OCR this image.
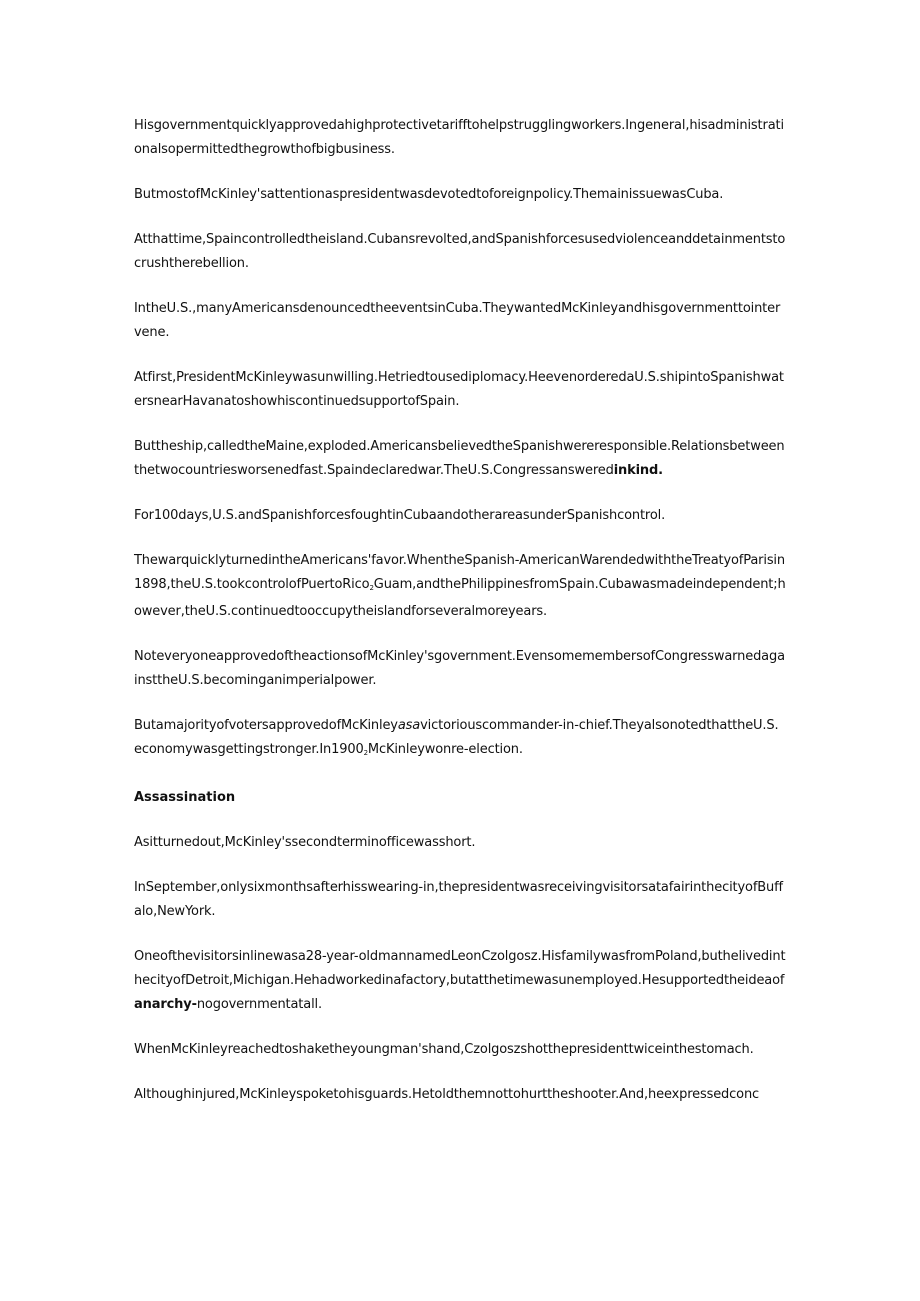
Hisgovernmentquicklyapprovedahighprotectivetarifftohelpstrugglingworkers.Ingeneral,hisadministrationalsopermittedthegrowthofbigbusiness.

ButmostofMcKinley'sattentionaspresidentwasdevotedtoforeignpolicy.ThemainissuewasCuba.

Atthattime,Spaincontrolledtheisland.Cubansrevolted,andSpanishforcesusedviolenceanddetainmentstocrushtherebellion.

IntheU.S.,manyAmericansdenouncedtheeventsinCuba.TheywantedMcKinleyandhisgovernmenttointervene.

Atfirst,PresidentMcKinleywasunwilling.Hetriedtousediplomacy.HeevenorderedaU.S.shipintoSpanishwatersnearHavanatoshowhiscontinuedsupportofSpain.

Buttheship,calledtheMaine,exploded.AmericansbelievedtheSpanishwereresponsible.Relationsbetweenthetwocountriesworsenedfast.Spaindeclaredwar.TheU.S.Congressansweredinkind.

For100days,U.S.andSpanishforcesfoughtinCubaandotherareasunderSpanishcontrol.

ThewarquicklyturnedintheAmericans'favor.WhentheSpanish-AmericanWarendedwiththeTreatyofParisin1898,theU.S.tookcontrolofPuertoRico$_2$Guam,andthePhilippinesfromSpain.Cubawasmadeindependent;however,theU.S.continuedtooccupytheislandforseveralmoreyears.

NoteveryoneapprovedoftheactionsofMcKinley'sgovernment.EvensomemembersofCongresswarnedagainsttheU.S.becominganimperialpower.

ButamajorityofvotersapprovedofMcKinleyasavictoriouscommander-in-chief.TheyalsonotedthattheU.S.economywasgettingstronger.$In1900_2McKinleywonre$-election.

Assassination

Asitturnedout,McKinley'ssecondterminofficewasshort.

InSeptember,onlysixmonthsafterhisswearing-in,thepresidentwasreceivingvisitorsatafairinthecityofBuffalo,NewYork.

Oneofthevisitorsinlinewasa28-year-oldmannamedLeonCzolgosz.HisfamilywasfromPoland,buthelivedinthecityofDetroit,Michigan.Hehadworkedinafactory,butatthetimewasunemployed.Hesupportedtheideaofanarchy-nogovernmentatall.

WhenMcKinleyreachedtoshaketheyoungman'shand,Czolgoszshotthepresidenttwiceinthestomach.

Althoughinjured,McKinleyspoketohisguards.Hetoldthemnottohurttheshooter.And,heexpressedconc
